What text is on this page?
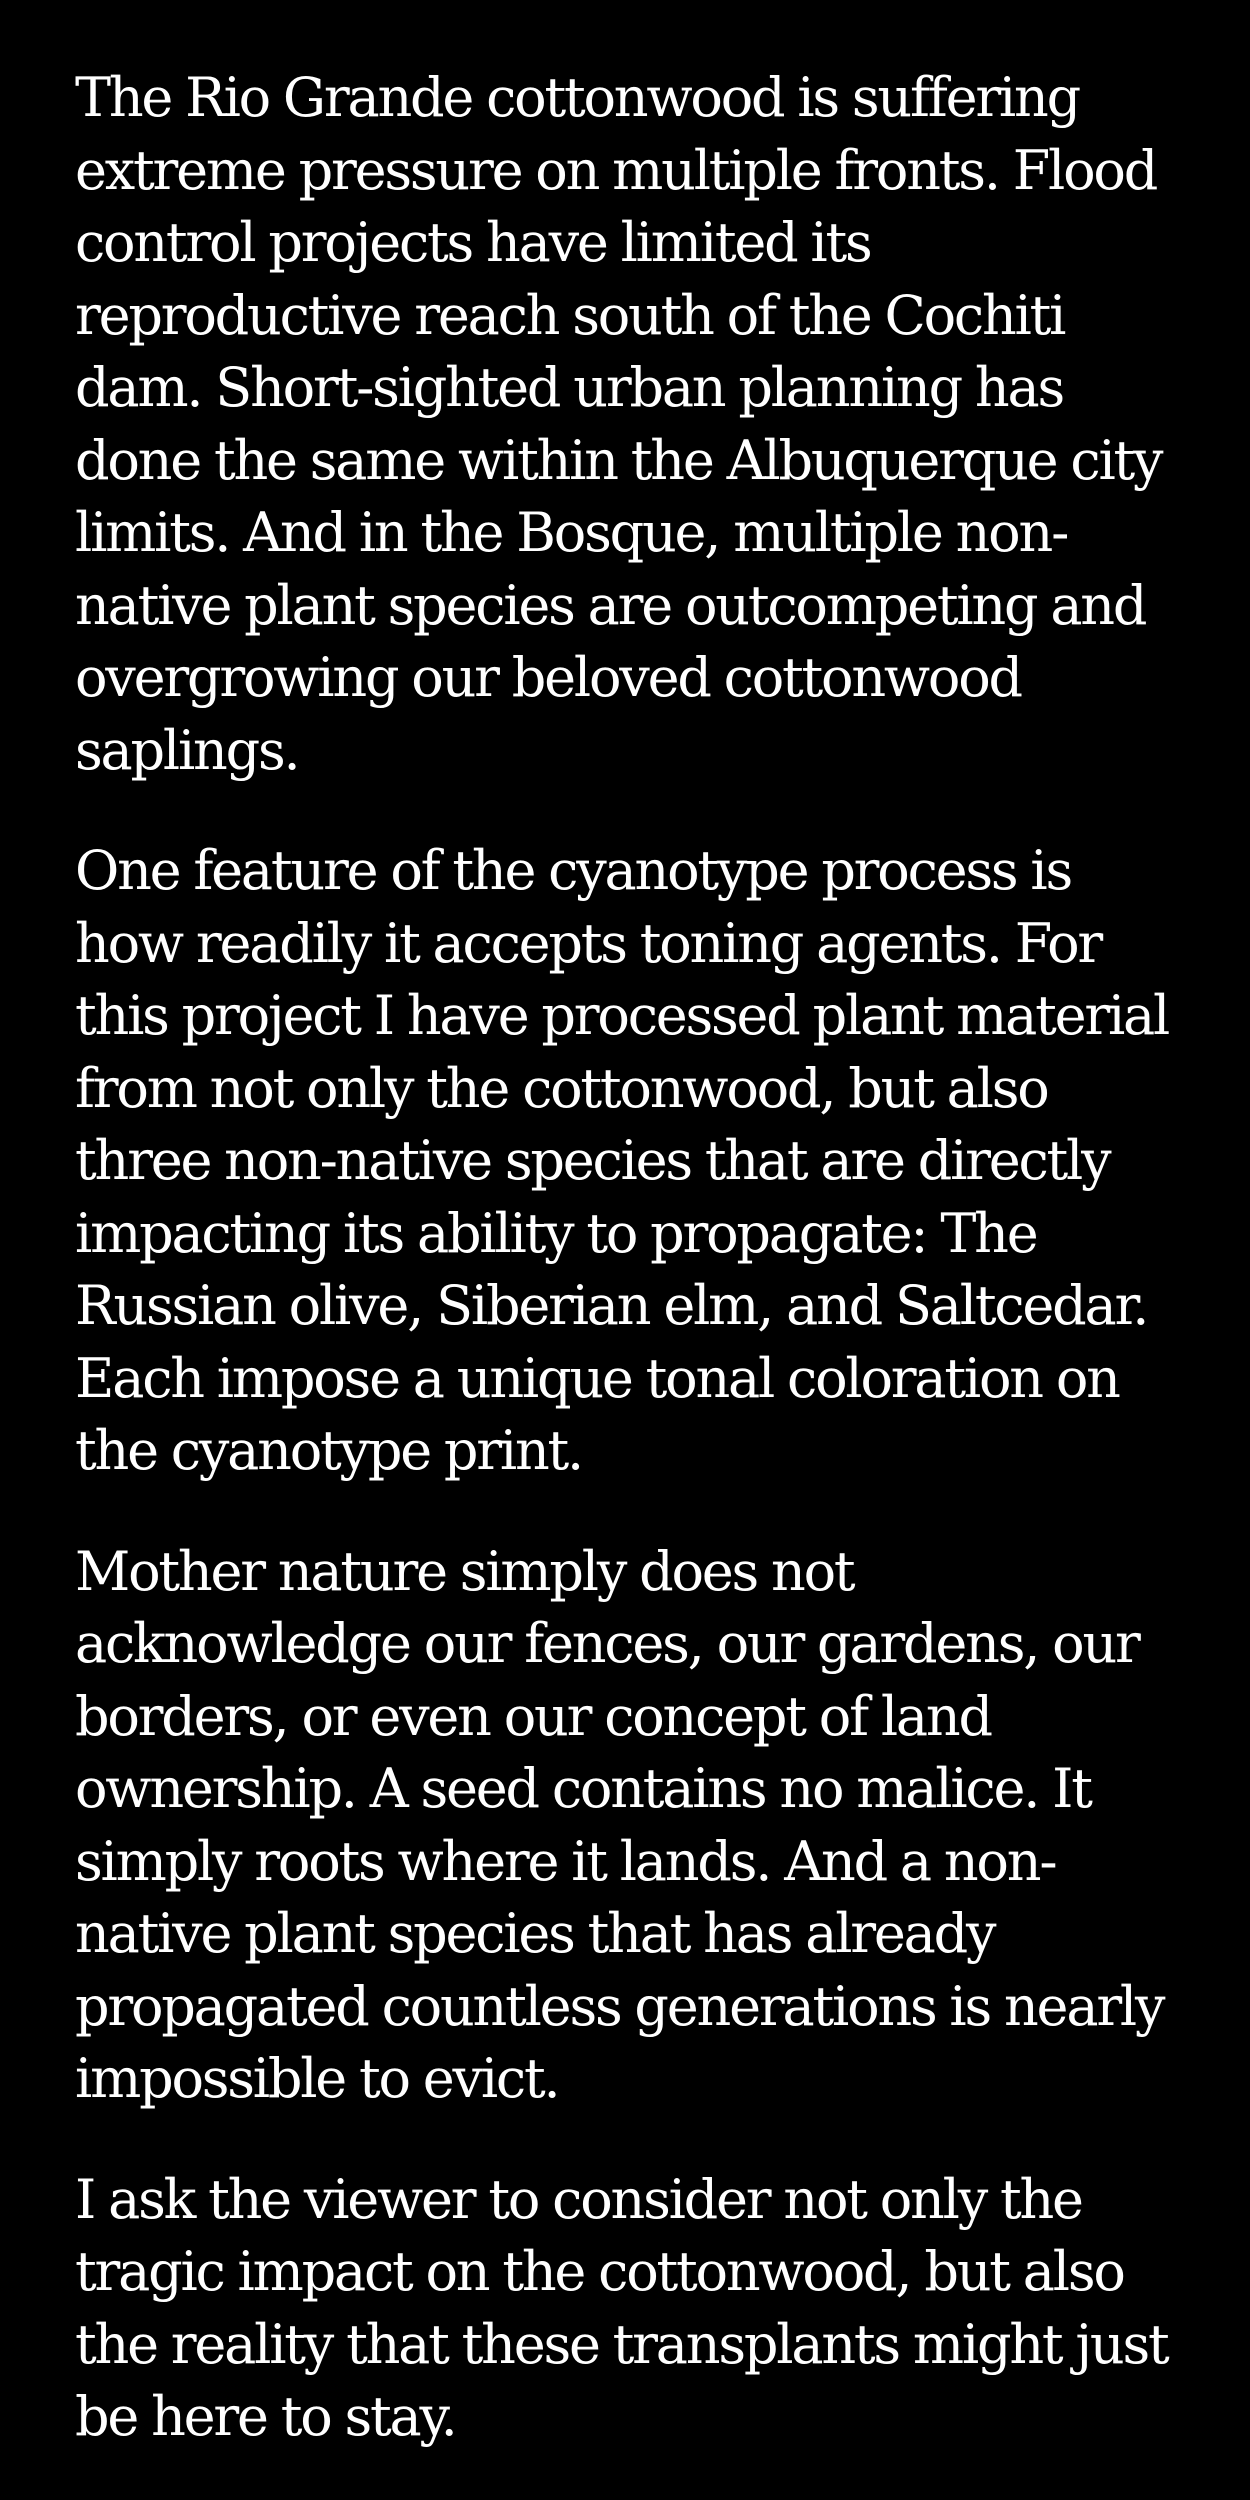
The Rio Grande cottonwood is suffering extreme pressure on multiple fronts. Flood control projects have limited its reproductive reach south of the Cochiti dam. Short-sighted urban planning has done the same within the Albuquerque city limits. And in the Bosque, multiple non-native plant species are outcompeting and overgrowing our beloved cottonwood saplings.

One feature of the cyanotype process is how readily it accepts toning agents. For this project I have processed plant material from not only the cottonwood, but also three non-native species that are directly impacting its ability to propagate: The Russian olive, Siberian elm, and Saltcedar. Each impose a unique tonal coloration on the cyanotype print.

Mother nature simply does not acknowledge our fences, our gardens, our borders, or even our concept of land ownership. A seed contains no malice. It simply roots where it lands. And a non-native plant species that has already propagated countless generations is nearly impossible to evict.

I ask the viewer to consider not only the tragic impact on the cottonwood, but also the reality that these transplants might just be here to stay.
